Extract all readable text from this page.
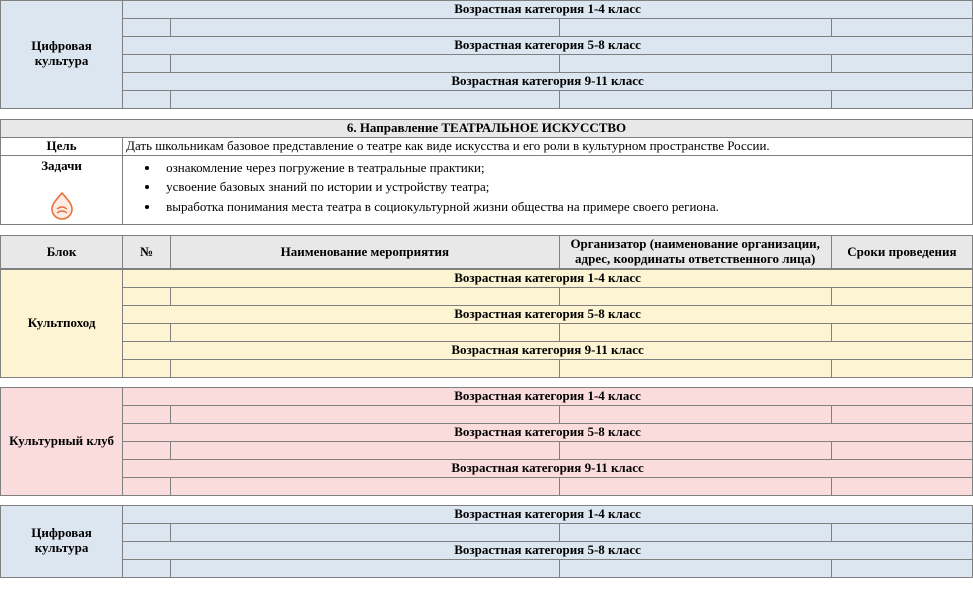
Цифровая культура	Возрастная категория 1-4 класс			

	Возрастная категория 5-8 класс			

	Возрастная категория 9-11 класс			

6. Направление ТЕАТРАЛЬНОЕ ИСКУССТВО	
Цель	Дать школьникам базовое представление о театре как виде искусства и его роли в культурном пространстве России.

Задачи

•ознакомление через погружение в театральные практики;
• усвоение базовых знаний по истории и устройству театра;
• выработка понимания места театра в социокультурной жизни общества на примере своего региона.
Блок	№	Наименование мероприятия	Организатор (наименование организации, адрес, координаты ответственного лица)	Сроки проведения
Культпоход	Возрастная категория 1-4 класс			

	Возрастная категория 5-8 класс			

	Возрастная категория 9-11 класс			

Культурный клуб	Возрастная категория 1-4 класс			

	Возрастная категория 5-8 класс			

	Возрастная категория 9-11 класс			

Цифровая культура	Возрастная категория 1-4 класс			

	Возрастная категория 5-8 класс			
